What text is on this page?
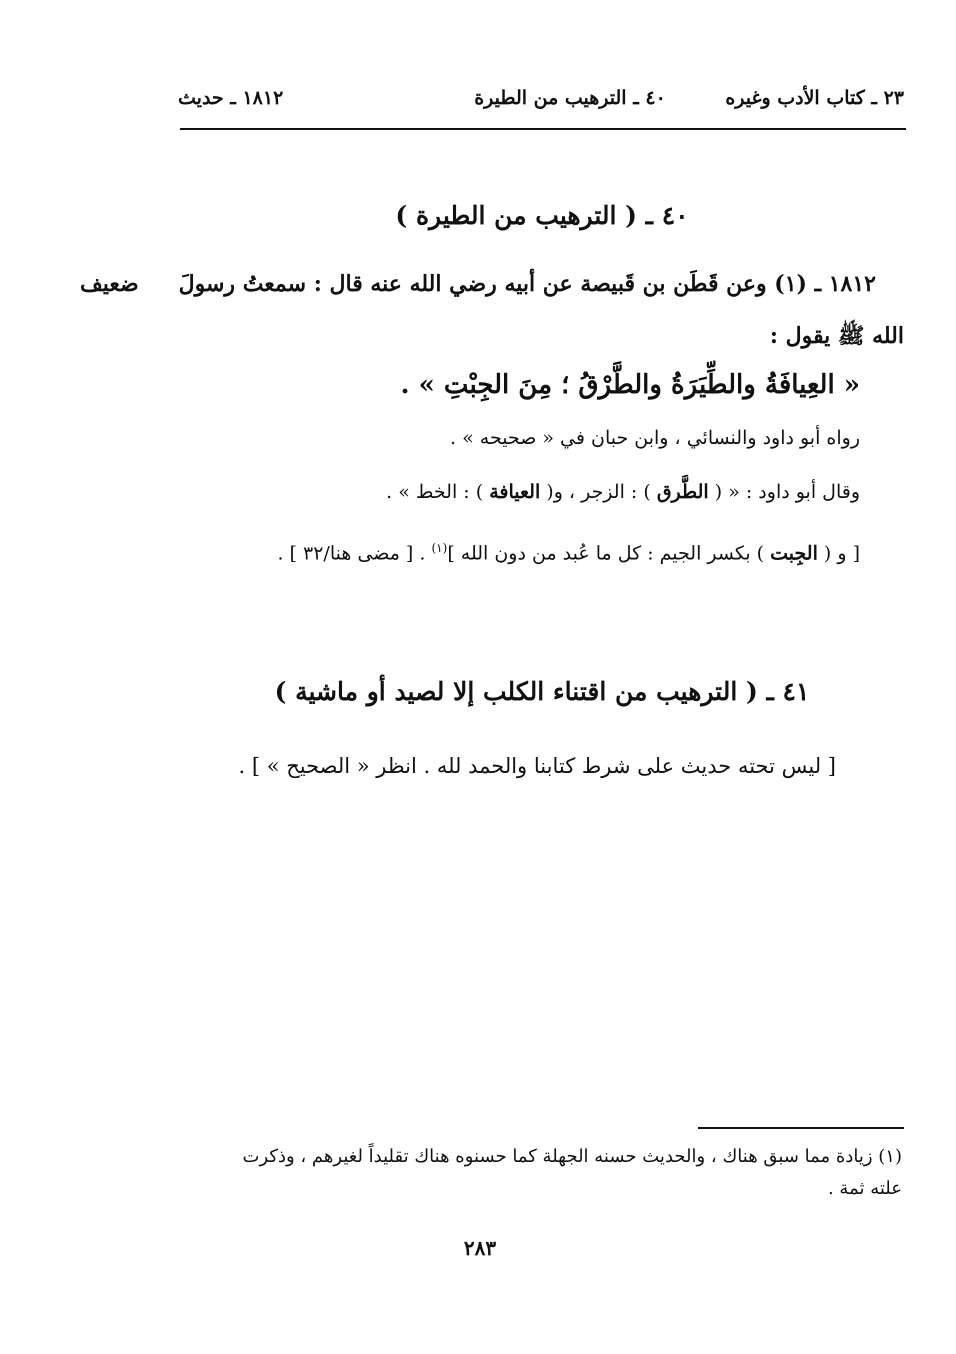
٢٣ ـ كتاب الأدب وغيره
٤٠ ـ الترهيب من الطيرة
١٨١٢ ـ حديث
٤٠ ـ ( الترهيب من الطيرة )
ضعيف ١٨١٢ ـ (١) وعن قَطَن بن قَبيصة عن أبيه رضي الله عنه قال : سمعتُ رسولَ
الله ﷺ يقول :
« العِيافَةُ والطِّيَرَةُ والطَّرْقُ ؛ مِنَ الجِبْتِ » .
رواه أبو داود والنسائي ، وابن حبان في « صحيحه » .
وقال أبو داود : « ( الطَّرق ) : الزجر ، و( العيافة ) : الخط » .
[ و ( الجِبت ) بكسر الجيم : كل ما عُبد من دون الله ]$^{(١)}$ . [ مضى هنا/٣٢ ] .
٤١ ـ ( الترهيب من اقتناء الكلب إلا لصيد أو ماشية )
[ ليس تحته حديث على شرط كتابنا والحمد لله . انظر « الصحيح » ] .
(١) زيادة مما سبق هناك ، والحديث حسنه الجهلة كما حسنوه هناك تقليداً لغيرهم ، وذكرت
علته ثمة .
٢٨٣
